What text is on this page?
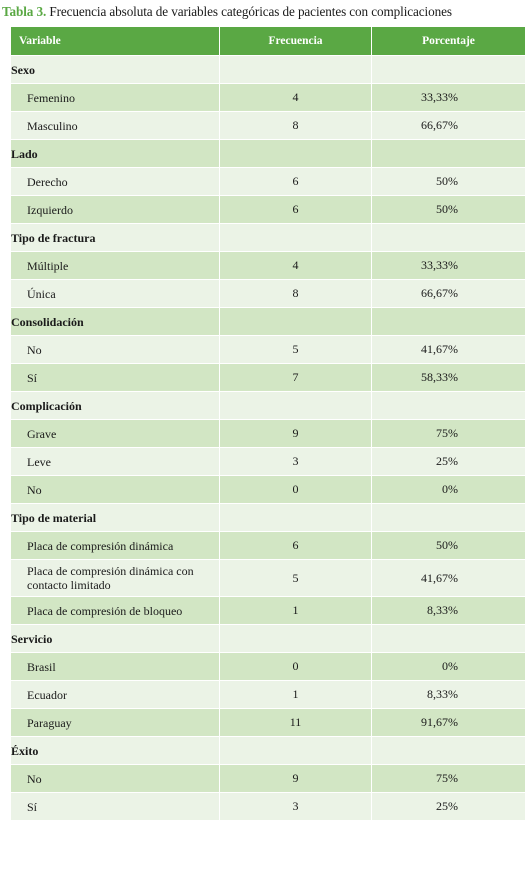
Tabla 3. Frecuencia absoluta de variables categóricas de pacientes con complicaciones
Variable	Frecuencia	Porcentaje
Sexo		
Femenino	4	33,33%
Masculino	8	66,67%
Lado		
Derecho	6	50%
Izquierdo	6	50%
Tipo de fractura		
Múltiple	4	33,33%
Única	8	66,67%
Consolidación		
No	5	41,67%
Sí	7	58,33%
Complicación		
Grave	9	75%
Leve	3	25%
No	0	0%
Tipo de material		
Placa de compresión dinámica	6	50%
Placa de compresión dinámica con contacto limitado	5	41,67%
Placa de compresión de bloqueo	1	8,33%
Servicio		
Brasil	0	0%
Ecuador	1	8,33%
Paraguay	11	91,67%
Éxito		
No	9	75%
Sí	3	25%
